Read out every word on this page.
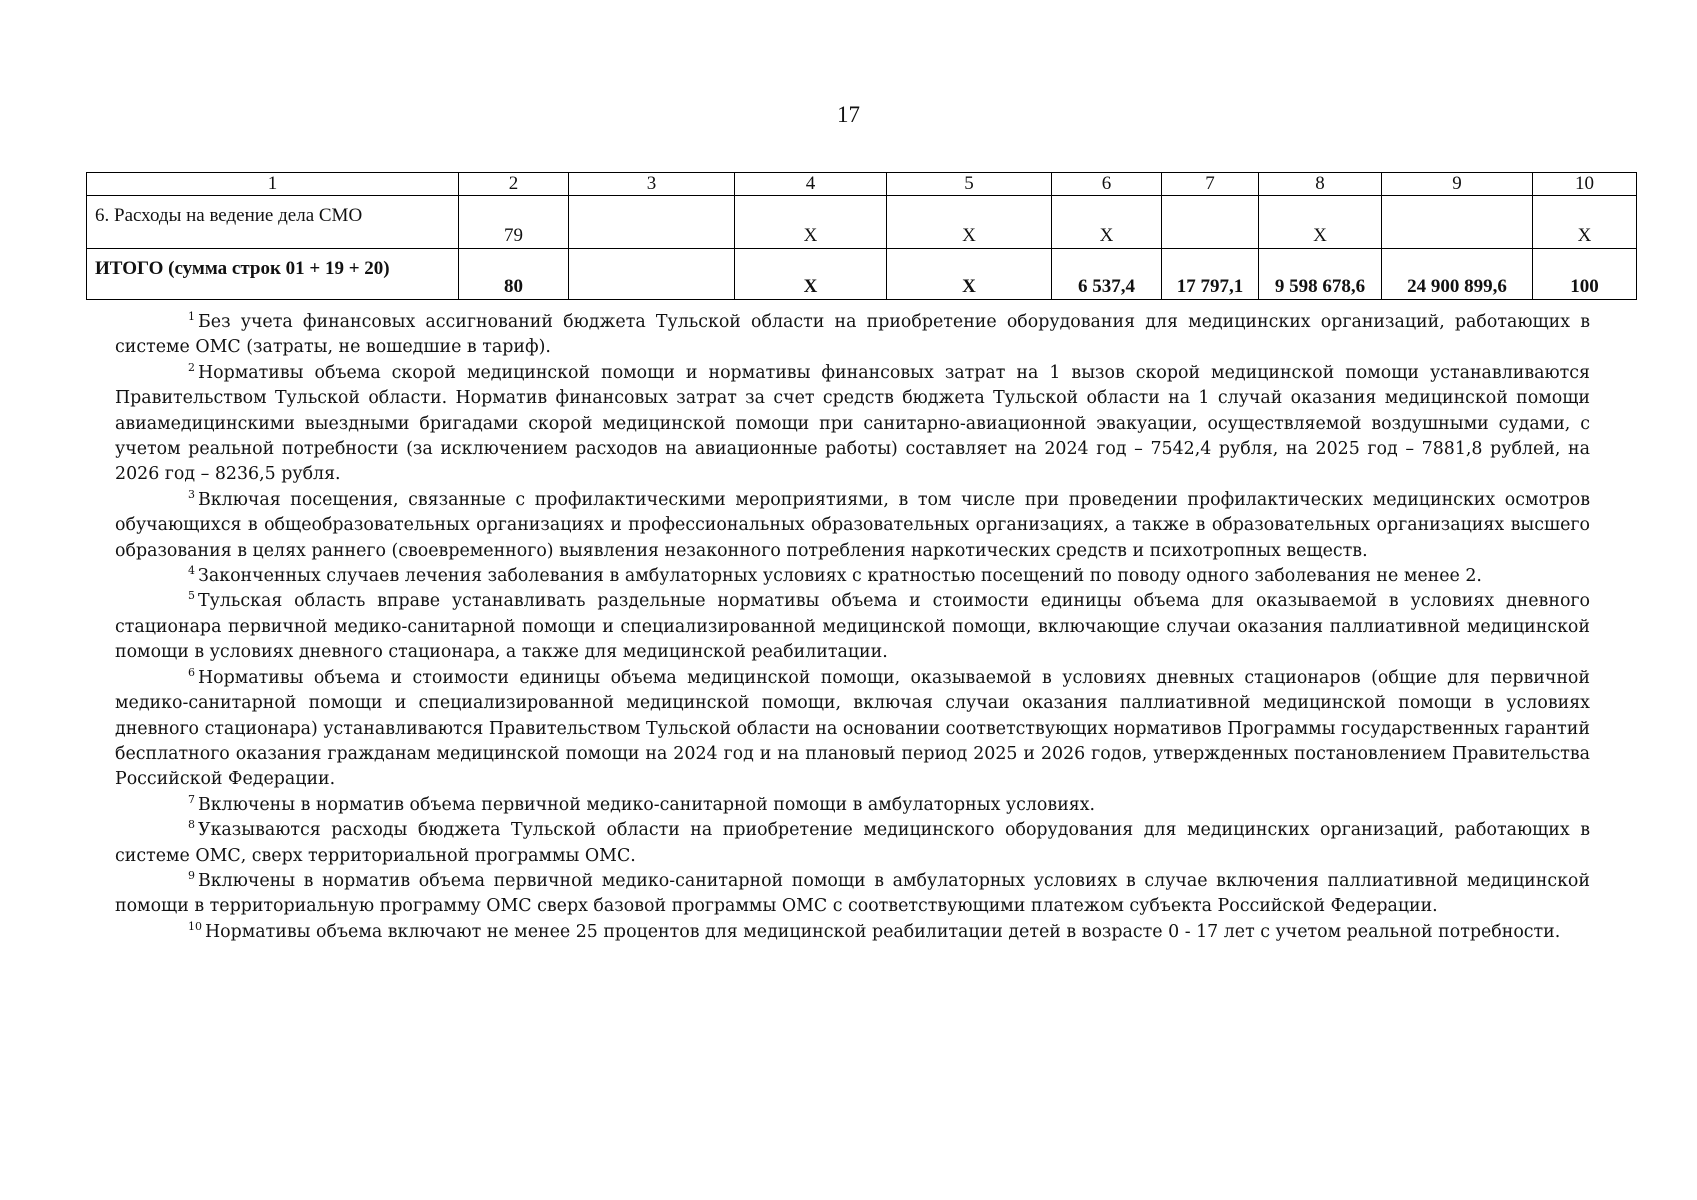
17
1	2	3	4	5	6	7	8	9	10
6. Расходы на ведение дела СМО	79		Х	Х	Х		Х		Х
ИТОГО (сумма строк 01 + 19 + 20)	80		Х	Х	6 537,4	17 797,1	9 598 678,6	24 900 899,6	100

$^1$ Без учета финансовых ассигнований бюджета Тульской области на приобретение оборудования для медицинских организаций, работающих в системе ОМС (затраты, не вошедшие в тариф).

$^2$ Нормативы объема скорой медицинской помощи и нормативы финансовых затрат на 1 вызов скорой медицинской помощи устанавливаются Правительством Тульской области. Норматив финансовых затрат за счет средств бюджета Тульской области на 1 случай оказания медицинской помощи авиамедицинскими выездными бригадами скорой медицинской помощи при санитарно-авиационной эвакуации, осуществляемой воздушными судами, с учетом реальной потребности (за исключением расходов на авиационные работы) составляет на 2024 год – 7542,4 рубля, на 2025 год – 7881,8 рублей, на 2026 год – 8236,5 рубля.

$^3$ Включая посещения, связанные с профилактическими мероприятиями, в том числе при проведении профилактических медицинских осмотров обучающихся в общеобразовательных организациях и профессиональных образовательных организациях, а также в образовательных организациях высшего образования в целях раннего (своевременного) выявления незаконного потребления наркотических средств и психотропных веществ.

$^4$ Законченных случаев лечения заболевания в амбулаторных условиях с кратностью посещений по поводу одного заболевания не менее 2.

$^5$ Тульская область вправе устанавливать раздельные нормативы объема и стоимости единицы объема для оказываемой в условиях дневного стационара первичной медико-санитарной помощи и специализированной медицинской помощи, включающие случаи оказания паллиативной медицинской помощи в условиях дневного стационара, а также для медицинской реабилитации.

$^6$ Нормативы объема и стоимости единицы объема медицинской помощи, оказываемой в условиях дневных стационаров (общие для первичной медико-санитарной помощи и специализированной медицинской помощи, включая случаи оказания паллиативной медицинской помощи в условиях дневного стационара) устанавливаются Правительством Тульской области на основании соответствующих нормативов Программы государственных гарантий бесплатного оказания гражданам медицинской помощи на 2024 год и на плановый период 2025 и 2026 годов, утвержденных постановлением Правительства Российской Федерации.

$^7$ Включены в норматив объема первичной медико-санитарной помощи в амбулаторных условиях.

$^8$ Указываются расходы бюджета Тульской области на приобретение медицинского оборудования для медицинских организаций, работающих в системе ОМС, сверх территориальной программы ОМС.

$^9$ Включены в норматив объема первичной медико-санитарной помощи в амбулаторных условиях в случае включения паллиативной медицинской помощи в территориальную программу ОМС сверх базовой программы ОМС с соответствующими платежом субъекта Российской Федерации.

$^{10}$ Нормативы объема включают не менее 25 процентов для медицинской реабилитации детей в возрасте 0 - 17 лет с учетом реальной потребности.
